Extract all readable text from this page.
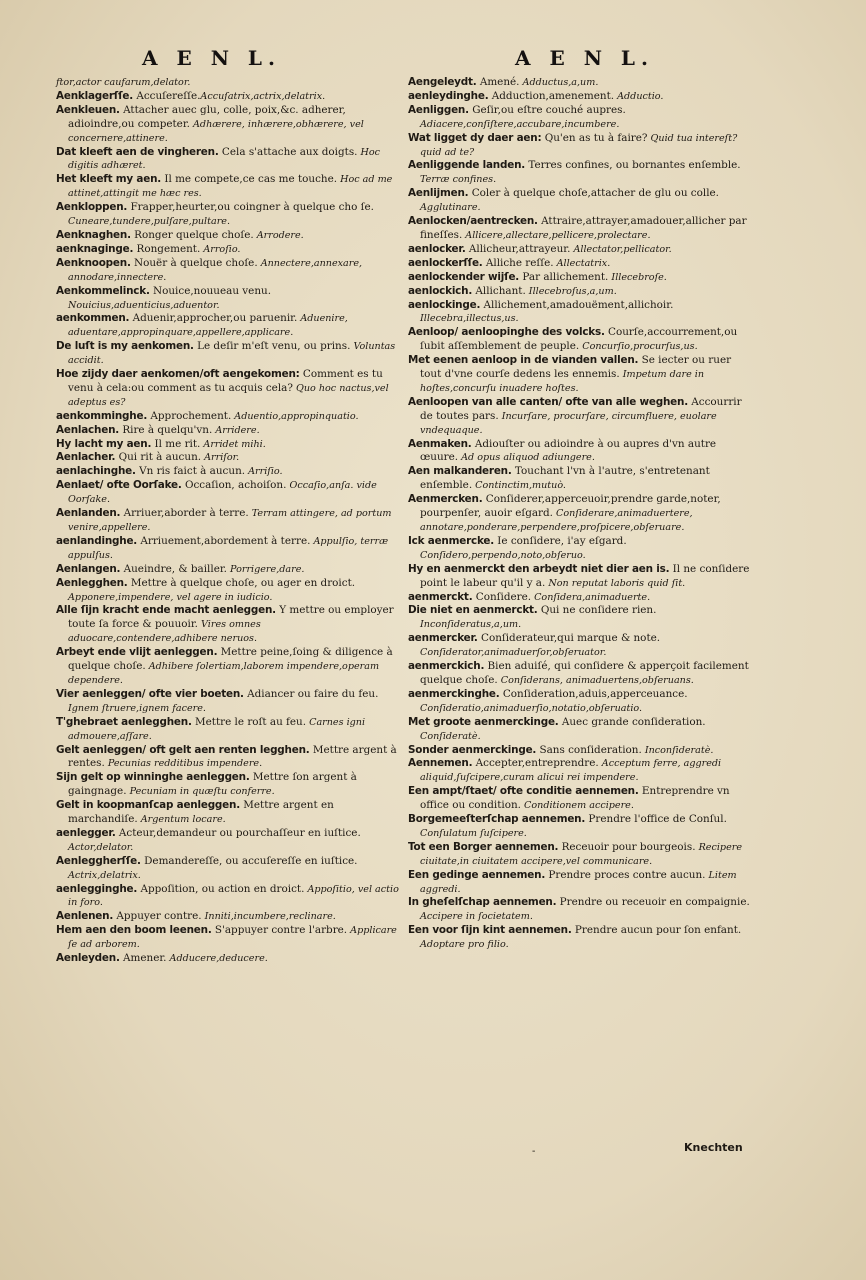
A E N L.	A E N L.

ftor,actor caufarum,delator.

Aenklagerſſe. Accuſereſſe.Accuſatrix,actrix,delatrix.

Aenkleuen. Attacher auec glu, colle, poix,&c. adherer, adioindre,ou competer. Adhærere, inhærere,obhærere, vel concernere,attinere.

Dat kleeft aen de vingheren. Cela s'attache aux doigts. Hoc digitis adhæret.

Het kleeft my aen. Il me compete,ce cas me touche. Hoc ad me attinet,attingit me hæc res.

Aenkloppen. Frapper,heurter,ou coingner à quelque cho ſe. Cuneare,tundere,pulſare,pultare.

Aenknaghen. Ronger quelque choſe. Arrodere.

aenknaginge. Rongement. Arroſio.

Aenknoopen. Nouër à quelque choſe. Annectere,annexare, annodare,innectere.

Aenkommelinck. Nouice,nouueau venu. Nouicius,aduenticius,aduentor.

aenkommen. Aduenir,approcher,ou paruenir. Aduenire, aduentare,appropinquare,appellere,applicare.

De luſt is my aenkomen. Le deſir m'eſt venu, ou prins. Voluntas accidit.

Hoe zijdy daer aenkomen/oft aengekomen: Comment es tu venu à cela:ou comment as tu acquis cela? Quo hoc nactus,vel adeptus es?

aenkomminghe. Approchement. Aduentio,appropinquatio.

Aenlachen. Rire à quelqu'vn. Arridere.

Hy lacht my aen. Il me rit. Arridet mihi.

Aenlacher. Qui rit à aucun. Arriſor.

aenlachinghe. Vn ris faict à aucun. Arriſio.

Aenlaet/ ofte Oorſake. Occaſion, achoiſon. Occaſio,anſa. vide Oorſake.

Aenlanden. Arriuer,aborder à terre. Terram attingere, ad portum venire,appellere.

aenlandinghe. Arriuement,abordement à terre. Appulſio, terræ appulſus.

Aenlangen. Aueindre, & bailler. Porrigere,dare.

Aenlegghen. Mettre à quelque choſe, ou ager en droict. Apponere,impendere, vel agere in iudicio.

Alle ſijn kracht ende macht aenleggen. Y mettre ou employer toute ſa force & pouuoir. Vires omnes aduocare,contendere,adhibere neruos.

Arbeyt ende vlijt aenleggen. Mettre peine,ſoing & diligence à quelque choſe. Adhibere ſolertiam,laborem impendere,operam dependere.

Vier aenleggen/ ofte vier boeten. Adiancer ou faire du feu. Ignem ſtruere,ignem facere.

T'ghebraet aenlegghen. Mettre le roſt au feu. Carnes igni admouere,aſſare.

Gelt aenleggen/ oft gelt aen renten legghen. Mettre argent à rentes. Pecunias redditibus impendere.

Sijn gelt op winninghe aenleggen. Mettre ſon argent à gaingnage. Pecuniam in quæſtu conferre.

Gelt in koopmanſcap aenleggen. Mettre argent en marchandiſe. Argentum locare.

aenlegger. Acteur,demandeur ou pourchaſſeur en iuſtice. Actor,delator.

Aenleggherſſe. Demandereſſe, ou accuſereſſe en iuſtice. Actrix,delatrix.

aenlegginghe. Appoſition, ou action en droict. Appoſitio, vel actio in foro.

Aenlenen. Appuyer contre. Inniti,incumbere,reclinare.

Hem aen den boom leenen. S'appuyer contre l'arbre. Applicare ſe ad arborem.

Aenleyden. Amener. Adducere,deducere.

Aengeleydt. Amené. Adductus,a,um.

aenleydinghe. Adduction,amenement. Adductio.

Aenliggen. Geſir,ou eſtre couché aupres. Adiacere,conſiſtere,accubare,incumbere.

Wat ligget dy daer aen: Qu'en as tu à faire? Quid tua intereſt? quid ad te?

Aenliggende landen. Terres confines, ou bornantes enſemble. Terræ confines.

Aenlijmen. Coler à quelque choſe,attacher de glu ou colle. Agglutinare.

Aenlocken/aentrecken. Attraire,attrayer,amadouer,allicher par fineſſes. Allicere,allectare,pellicere,prolectare.

aenlocker. Allicheur,attrayeur. Allectator,pellicator.

aenlockerſſe. Alliche reſſe. Allectatrix.

aenlockender wijſe. Par allichement. Illecebroſe.

aenlockich. Allichant. Illecebroſus,a,um.

aenlockinge. Allichement,amadouëment,allichoir. Illecebra,illectus,us.

Aenloop/ aenloopinghe des volcks. Courſe,accourrement,ou ſubit aſſemblement de peuple. Concurſio,procurſus,us.

Met eenen aenloop in de vianden vallen. Se iecter ou ruer tout d'vne courſe dedens les ennemis. Impetum dare in hoſtes,concurſu inuadere hoſtes.

Aenloopen van alle canten/ ofte van alle weghen. Accourrir de toutes pars. Incurſare, procurſare, circumfluere, euolare vndequaque.

Aenmaken. Adiouſter ou adioindre à ou aupres d'vn autre œuure. Ad opus aliquod adiungere.

Aen malkanderen. Touchant l'vn à l'autre, s'entretenant enſemble. Continctim,mutuò.

Aenmercken. Conſiderer,apperceuoir,prendre garde,noter, pourpenſer, auoir eſgard. Conſiderare,animaduertere, annotare,ponderare,perpendere,proſpicere,obſeruare.

Ick aenmercke. Ie conſidere, i'ay eſgard. Conſidero,perpendo,noto,obſeruo.

Hy en aenmerckt den arbeydt niet dier aen is. Il ne conſidere point le labeur qu'il y a. Non reputat laboris quid ſit.

aenmerckt. Conſidere. Conſidera,animaduerte.

Die niet en aenmerckt. Qui ne conſidere rien. Inconſideratus,a,um.

aenmercker. Conſiderateur,qui marque & note. Conſiderator,animaduerſor,obſeruator.

aenmerckich. Bien aduiſé, qui conſidere & apperçoit facilement quelque choſe. Conſiderans, animaduertens,obſeruans.

aenmerckinghe. Conſideration,aduis,apperceuance. Conſideratio,animaduerſio,notatio,obſeruatio.

Met groote aenmerckinge. Auec grande conſideration. Conſideratè.

Sonder aenmerckinge. Sans conſideration. Inconſideratè.

Aennemen. Accepter,entreprendre. Acceptum ferre, aggredi aliquid,ſuſcipere,curam alicui rei impendere.

Een ampt/ſtaet/ ofte conditie aennemen. Entreprendre vn office ou condition. Conditionem accipere.

Borgemeeſterſchap aennemen. Prendre l'office de Conſul. Conſulatum ſuſcipere.

Tot een Borger aennemen. Receuoir pour bourgeois. Recipere ciuitate,in ciuitatem accipere,vel communicare.

Een gedinge aennemen. Prendre proces contre aucun. Litem aggredi.

In gheſelſchap aennemen. Prendre ou receuoir en compaignie. Accipere in ſocietatem.

Een voor ſijn kint aennemen. Prendre aucun pour ſon enfant. Adoptare pro filio.

-	Knechten
